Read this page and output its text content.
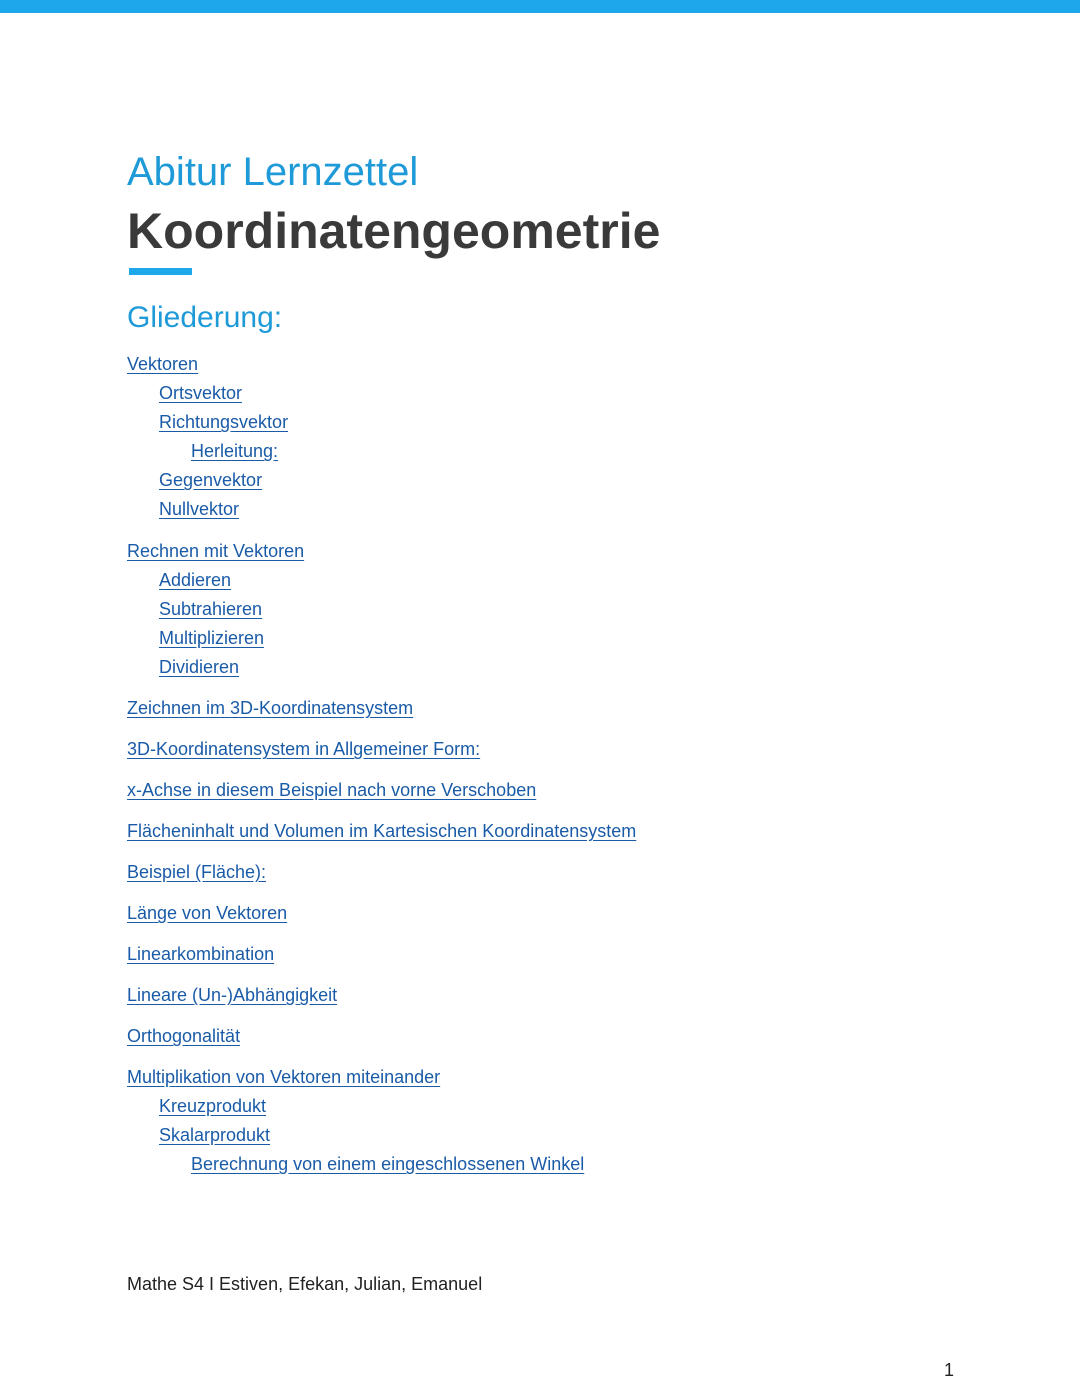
Abitur Lernzettel
Koordinatengeometrie
Gliederung:
Vektoren
Ortsvektor
Richtungsvektor
Herleitung:
Gegenvektor
Nullvektor
Rechnen mit Vektoren
Addieren
Subtrahieren
Multiplizieren
Dividieren
Zeichnen im 3D-Koordinatensystem
3D-Koordinatensystem in Allgemeiner Form:
x-Achse in diesem Beispiel nach vorne Verschoben
Flächeninhalt und Volumen im Kartesischen Koordinatensystem
Beispiel (Fläche):
Länge von Vektoren
Linearkombination
Lineare (Un-)Abhängigkeit
Orthogonalität
Multiplikation von Vektoren miteinander
Kreuzprodukt
Skalarprodukt
Berechnung von einem eingeschlossenen Winkel
Mathe S4 I Estiven, Efekan, Julian, Emanuel
1
